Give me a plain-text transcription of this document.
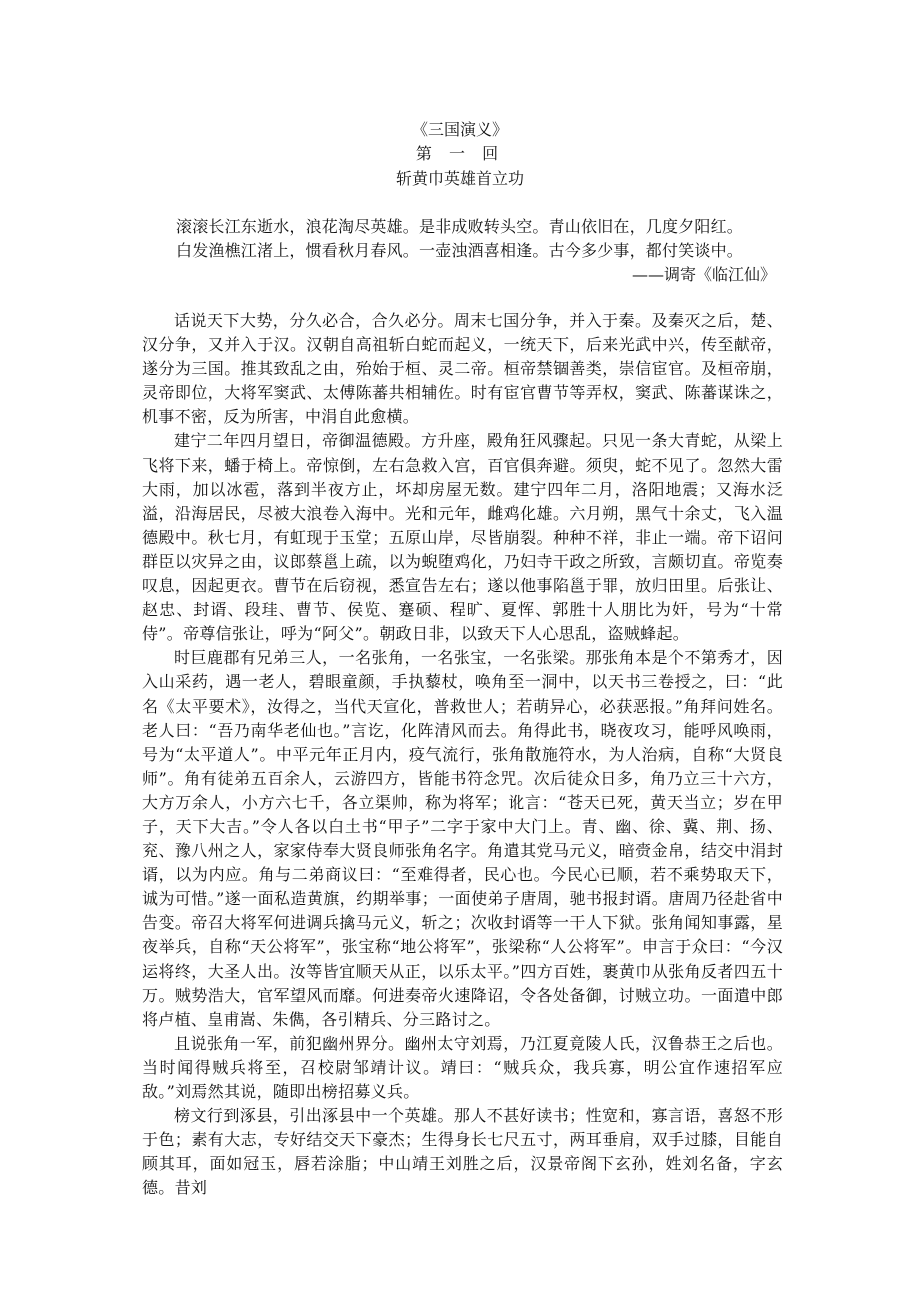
《三国演义》
第 一 回
斩黄巾英雄首立功
滚滚长江东逝水，浪花淘尽英雄。是非成败转头空。青山依旧在，几度夕阳红。
白发渔樵江渚上，惯看秋月春风。一壶浊酒喜相逢。古今多少事，都付笑谈中。
——调寄《临江仙》

话说天下大势，分久必合，合久必分。周末七国分争，并入于秦。及秦灭之后，楚、汉分争，又并入于汉。汉朝自高祖斩白蛇而起义，一统天下，后来光武中兴，传至献帝，遂分为三国。推其致乱之由，殆始于桓、灵二帝。桓帝禁锢善类，崇信宦官。及桓帝崩，灵帝即位，大将军窦武、太傅陈蕃共相辅佐。时有宦官曹节等弄权，窦武、陈蕃谋诛之，机事不密，反为所害，中涓自此愈横。

建宁二年四月望日，帝御温德殿。方升座，殿角狂风骤起。只见一条大青蛇，从梁上飞将下来，蟠于椅上。帝惊倒，左右急救入宫，百官俱奔避。须臾，蛇不见了。忽然大雷大雨，加以冰雹，落到半夜方止，坏却房屋无数。建宁四年二月，洛阳地震；又海水泛溢，沿海居民，尽被大浪卷入海中。光和元年，雌鸡化雄。六月朔，黑气十余丈，飞入温德殿中。秋七月，有虹现于玉堂；五原山岸，尽皆崩裂。种种不祥，非止一端。帝下诏问群臣以灾异之由，议郎蔡邕上疏，以为蜺堕鸡化，乃妇寺干政之所致，言颇切直。帝览奏叹息，因起更衣。曹节在后窃视，悉宣告左右；遂以他事陷邕于罪，放归田里。后张让、赵忠、封谞、段珪、曹节、侯览、蹇硕、程旷、夏恽、郭胜十人朋比为奸，号为“十常侍”。帝尊信张让，呼为“阿父”。朝政日非，以致天下人心思乱，盗贼蜂起。

时巨鹿郡有兄弟三人，一名张角，一名张宝，一名张梁。那张角本是个不第秀才，因入山采药，遇一老人，碧眼童颜，手执藜杖，唤角至一洞中，以天书三卷授之，曰：“此名《太平要术》，汝得之，当代天宣化，普救世人；若萌异心，必获恶报。”角拜问姓名。老人曰：“吾乃南华老仙也。”言讫，化阵清风而去。角得此书，晓夜攻习，能呼风唤雨，号为“太平道人”。中平元年正月内，疫气流行，张角散施符水，为人治病，自称“大贤良师”。角有徒弟五百余人，云游四方，皆能书符念咒。次后徒众日多，角乃立三十六方，大方万余人，小方六七千，各立渠帅，称为将军；讹言：“苍天已死，黄天当立；岁在甲子，天下大吉。”令人各以白土书“甲子”二字于家中大门上。青、幽、徐、冀、荆、扬、兖、豫八州之人，家家侍奉大贤良师张角名字。角遣其党马元义，暗赍金帛，结交中涓封谞，以为内应。角与二弟商议曰：“至难得者，民心也。今民心已顺，若不乘势取天下，诚为可惜。”遂一面私造黄旗，约期举事；一面使弟子唐周，驰书报封谞。唐周乃径赴省中告变。帝召大将军何进调兵擒马元义，斩之；次收封谞等一干人下狱。张角闻知事露，星夜举兵，自称“天公将军”，张宝称“地公将军”，张梁称“人公将军”。申言于众曰：“今汉运将终，大圣人出。汝等皆宜顺天从正，以乐太平。”四方百姓，裹黄巾从张角反者四五十万。贼势浩大，官军望风而靡。何进奏帝火速降诏，令各处备御，讨贼立功。一面遣中郎将卢植、皇甫嵩、朱儁，各引精兵、分三路讨之。

且说张角一军，前犯幽州界分。幽州太守刘焉，乃江夏竟陵人氏，汉鲁恭王之后也。当时闻得贼兵将至，召校尉邹靖计议。靖曰：“贼兵众，我兵寡，明公宜作速招军应敌。”刘焉然其说，随即出榜招募义兵。

榜文行到涿县，引出涿县中一个英雄。那人不甚好读书；性宽和，寡言语，喜怒不形于色；素有大志，专好结交天下豪杰；生得身长七尺五寸，两耳垂肩，双手过膝，目能自顾其耳，面如冠玉，唇若涂脂；中山靖王刘胜之后，汉景帝阁下玄孙，姓刘名备，字玄德。昔刘
